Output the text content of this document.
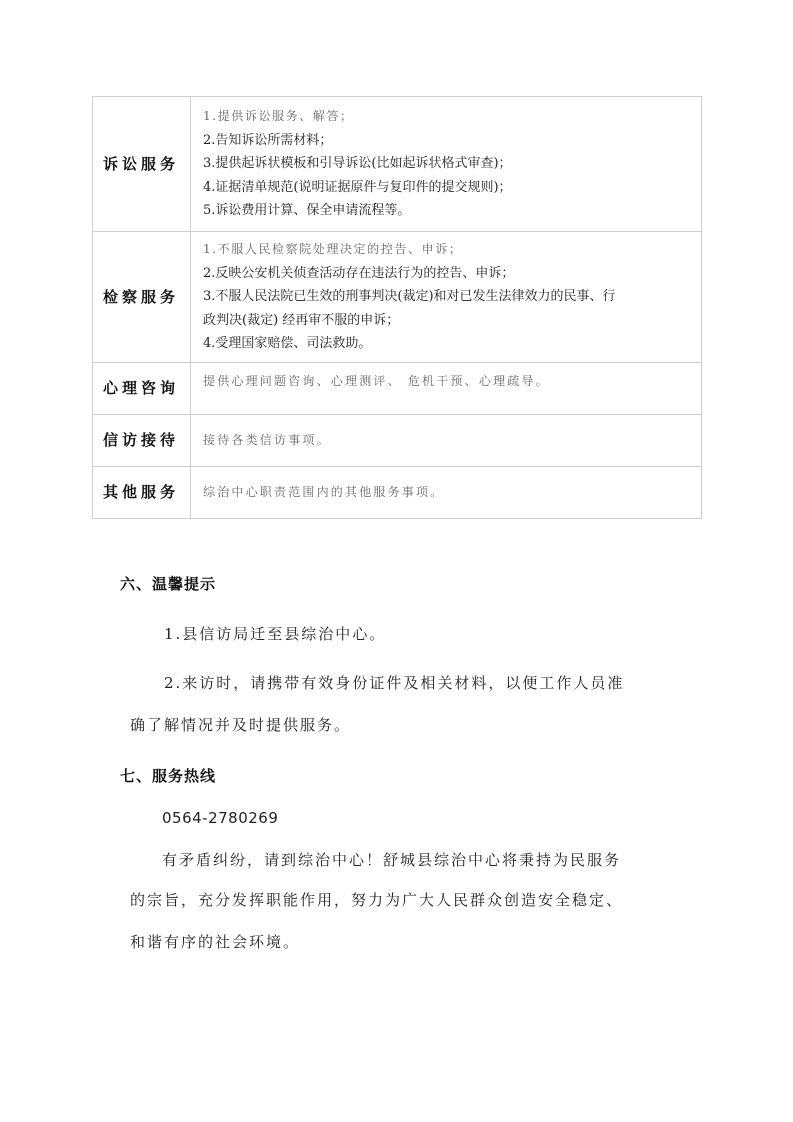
诉讼服务	1.提供诉讼服务、解答；
2.告知诉讼所需材料；
3.提供起诉状模板和引导诉讼(比如起诉状格式审查)；
4.证据清单规范(说明证据原件与复印件的提交规则)；
5.诉讼费用计算、保全申请流程等。

检察服务	1.不服人民检察院处理决定的控告、申诉；
2.反映公安机关侦查活动存在违法行为的控告、申诉；
3.不服人民法院已生效的刑事判决(裁定)和对已发生法律效力的民事、行
政判决(裁定) 经再审不服的申诉；
4.受理国家赔偿、司法救助。

心理咨询	提供心理问题咨询、心理测评、 危机干预、心理疏导。

信访接待	接待各类信访事项。

其他服务	综治中心职责范围内的其他服务事项。
六、温馨提示
1.县信访局迁至县综治中心。
2.来访时，请携带有效身份证件及相关材料，以便工作人员准
确了解情况并及时提供服务。
七、服务热线
0564-2780269
有矛盾纠纷，请到综治中心！舒城县综治中心将秉持为民服务
的宗旨，充分发挥职能作用，努力为广大人民群众创造安全稳定、
和谐有序的社会环境。
